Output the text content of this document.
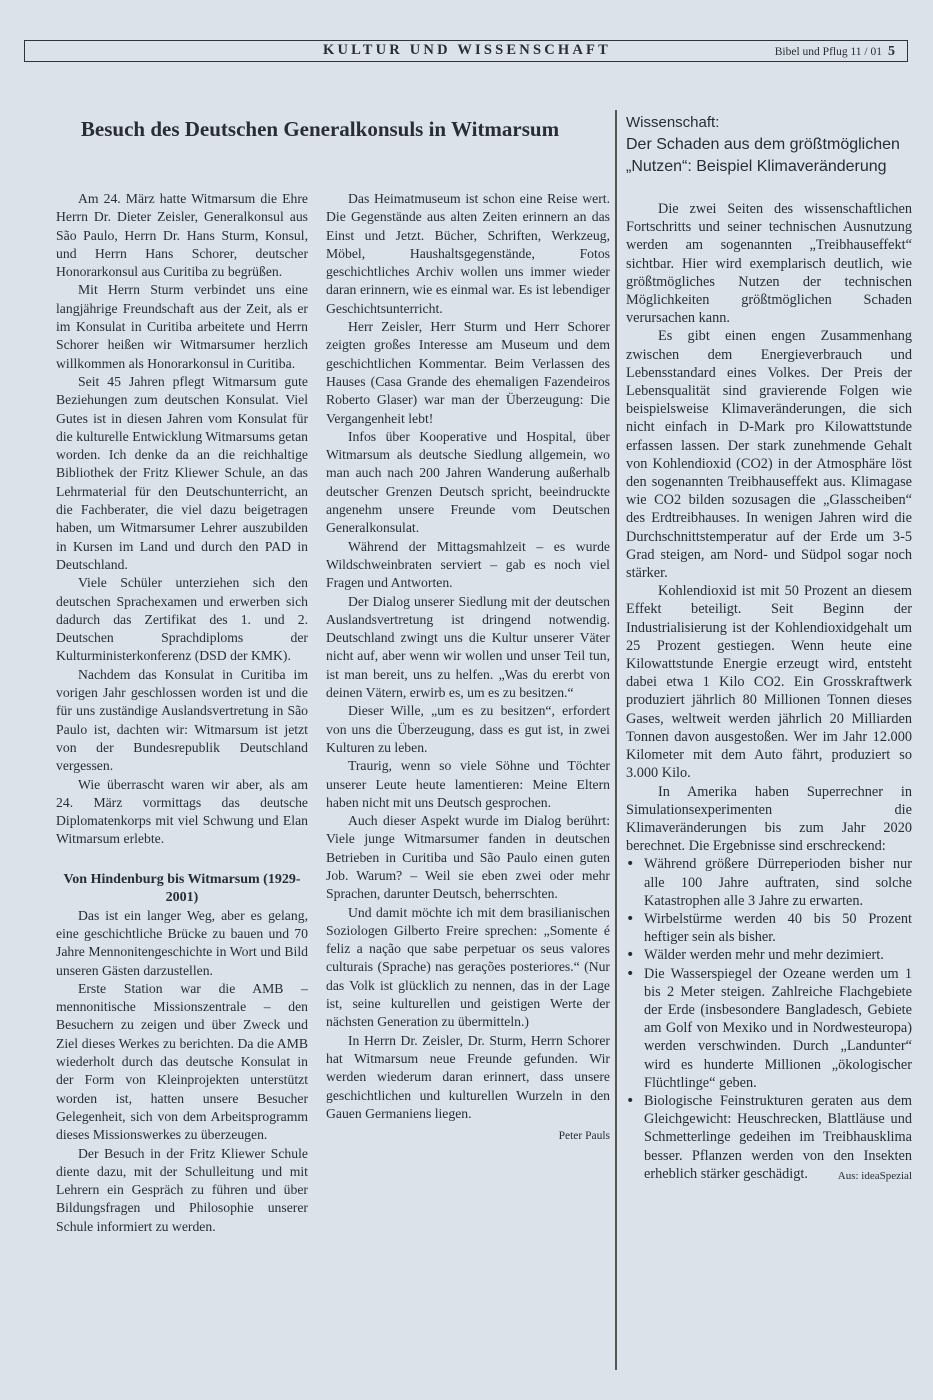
KULTUR UND WISSENSCHAFT	Bibel und Pflug 11 / 01 5
Besuch des Deutschen Generalkonsuls in Witmarsum

Am 24. März hatte Witmarsum die Ehre Herrn Dr. Dieter Zeisler, Generalkonsul aus São Paulo, Herrn Dr. Hans Sturm, Konsul, und Herrn Hans Schorer, deutscher Honorarkonsul aus Curitiba zu begrüßen.

Mit Herrn Sturm verbindet uns eine langjährige Freundschaft aus der Zeit, als er im Konsulat in Curitiba arbeitete und Herrn Schorer heißen wir Witmarsumer herzlich willkommen als Honorarkonsul in Curitiba.

Seit 45 Jahren pflegt Witmarsum gute Beziehungen zum deutschen Konsulat. Viel Gutes ist in diesen Jahren vom Konsulat für die kulturelle Entwicklung Witmarsums getan worden. Ich denke da an die reichhaltige Bibliothek der Fritz Kliewer Schule, an das Lehrmaterial für den Deutschunterricht, an die Fachberater, die viel dazu beigetragen haben, um Witmarsumer Lehrer auszubilden in Kursen im Land und durch den PAD in Deutschland.

Viele Schüler unterziehen sich den deutschen Sprachexamen und erwerben sich dadurch das Zertifikat des 1. und 2. Deutschen Sprachdiploms der Kulturministerkonferenz (DSD der KMK).

Nachdem das Konsulat in Curitiba im vorigen Jahr geschlossen worden ist und die für uns zuständige Auslandsvertretung in São Paulo ist, dachten wir: Witmarsum ist jetzt von der Bundesrepublik Deutschland vergessen.

Wie überrascht waren wir aber, als am 24. März vormittags das deutsche Diplomatenkorps mit viel Schwung und Elan Witmarsum erlebte.

Von Hindenburg bis Witmarsum (1929-2001)

Das ist ein langer Weg, aber es gelang, eine geschichtliche Brücke zu bauen und 70 Jahre Mennonitengeschichte in Wort und Bild unseren Gästen darzustellen.

Erste Station war die AMB – mennonitische Missionszentrale – den Besuchern zu zeigen und über Zweck und Ziel dieses Werkes zu berichten. Da die AMB wiederholt durch das deutsche Konsulat in der Form von Kleinprojekten unterstützt worden ist, hatten unsere Besucher Gelegenheit, sich von dem Arbeitsprogramm dieses Missionswerkes zu überzeugen.

Der Besuch in der Fritz Kliewer Schule diente dazu, mit der Schulleitung und mit Lehrern ein Gespräch zu führen und über Bildungsfragen und Philosophie unserer Schule informiert zu werden.

Das Heimatmuseum ist schon eine Reise wert. Die Gegenstände aus alten Zeiten erinnern an das Einst und Jetzt. Bücher, Schriften, Werkzeug, Möbel, Haushaltsgegenstände, Fotos geschichtliches Archiv wollen uns immer wieder daran erinnern, wie es einmal war. Es ist lebendiger Geschichtsunterricht.

Herr Zeisler, Herr Sturm und Herr Schorer zeigten großes Interesse am Museum und dem geschichtlichen Kommentar. Beim Verlassen des Hauses (Casa Grande des ehemaligen Fazendeiros Roberto Glaser) war man der Überzeugung: Die Vergangenheit lebt!

Infos über Kooperative und Hospital, über Witmarsum als deutsche Siedlung allgemein, wo man auch nach 200 Jahren Wanderung außerhalb deutscher Grenzen Deutsch spricht, beeindruckte angenehm unsere Freunde vom Deutschen Generalkonsulat.

Während der Mittagsmahlzeit – es wurde Wildschweinbraten serviert – gab es noch viel Fragen und Antworten.

Der Dialog unserer Siedlung mit der deutschen Auslandsvertretung ist dringend notwendig. Deutschland zwingt uns die Kultur unserer Väter nicht auf, aber wenn wir wollen und unser Teil tun, ist man bereit, uns zu helfen. „Was du ererbt von deinen Vätern, erwirb es, um es zu besitzen.“

Dieser Wille, „um es zu besitzen“, erfordert von uns die Überzeugung, dass es gut ist, in zwei Kulturen zu leben.

Traurig, wenn so viele Söhne und Töchter unserer Leute heute lamentieren: Meine Eltern haben nicht mit uns Deutsch gesprochen.

Auch dieser Aspekt wurde im Dialog berührt: Viele junge Witmarsumer fanden in deutschen Betrieben in Curitiba und São Paulo einen guten Job. Warum? – Weil sie eben zwei oder mehr Sprachen, darunter Deutsch, beherrschten.

Und damit möchte ich mit dem brasilianischen Soziologen Gilberto Freire sprechen: „Somente é feliz a nação que sabe perpetuar os seus valores culturais (Sprache) nas gerações posteriores.“ (Nur das Volk ist glücklich zu nennen, das in der Lage ist, seine kulturellen und geistigen Werte der nächsten Generation zu übermitteln.)

In Herrn Dr. Zeisler, Dr. Sturm, Herrn Schorer hat Witmarsum neue Freunde gefunden. Wir werden wiederum daran erinnert, dass unsere geschichtlichen und kulturellen Wurzeln in den Gauen Germaniens liegen.

Peter Pauls
Wissenschaft:
Der Schaden aus dem größtmöglichen „Nutzen“: Beispiel Klimaveränderung

Die zwei Seiten des wissenschaftlichen Fortschritts und seiner technischen Ausnutzung werden am sogenannten „Treibhauseffekt“ sichtbar. Hier wird exemplarisch deutlich, wie größtmögliches Nutzen der technischen Möglichkeiten größtmöglichen Schaden verursachen kann.

Es gibt einen engen Zusammenhang zwischen dem Energieverbrauch und Lebensstandard eines Volkes. Der Preis der Lebensqualität sind gravierende Folgen wie beispielsweise Klimaveränderungen, die sich nicht einfach in D-Mark pro Kilowattstunde erfassen lassen. Der stark zunehmende Gehalt von Kohlendioxid (CO2) in der Atmosphäre löst den sogenannten Treibhauseffekt aus. Klimagase wie CO2 bilden sozusagen die „Glasscheiben“ des Erdtreibhauses. In wenigen Jahren wird die Durchschnittstemperatur auf der Erde um 3-5 Grad steigen, am Nord- und Südpol sogar noch stärker.

Kohlendioxid ist mit 50 Prozent an diesem Effekt beteiligt. Seit Beginn der Industrialisierung ist der Kohlendioxidgehalt um 25 Prozent gestiegen. Wenn heute eine Kilowattstunde Energie erzeugt wird, entsteht dabei etwa 1 Kilo CO2. Ein Grosskraftwerk produziert jährlich 80 Millionen Tonnen dieses Gases, weltweit werden jährlich 20 Milliarden Tonnen davon ausgestoßen. Wer im Jahr 12.000 Kilometer mit dem Auto fährt, produziert so 3.000 Kilo.

In Amerika haben Superrechner in Simulationsexperimenten die Klimaveränderungen bis zum Jahr 2020 berechnet. Die Ergebnisse sind erschreckend:

• Während größere Dürreperioden bisher nur alle 100 Jahre auftraten, sind solche Katastrophen alle 3 Jahre zu erwarten.
• Wirbelstürme werden 40 bis 50 Prozent heftiger sein als bisher.
• Wälder werden mehr und mehr dezimiert.
• Die Wasserspiegel der Ozeane werden um 1 bis 2 Meter steigen. Zahlreiche Flachgebiete der Erde (insbesondere Bangladesch, Gebiete am Golf von Mexiko und in Nordwesteuropa) werden verschwinden. Durch „Landunter“ wird es hunderte Millionen „ökologischer Flüchtlinge“ geben.
• Biologische Feinstrukturen geraten aus dem Gleichgewicht: Heuschrecken, Blattläuse und Schmetterlinge gedeihen im Treibhausklima besser. Pflanzen werden von den Insekten erheblich stärker geschädigt.	Aus: ideaSpezial
